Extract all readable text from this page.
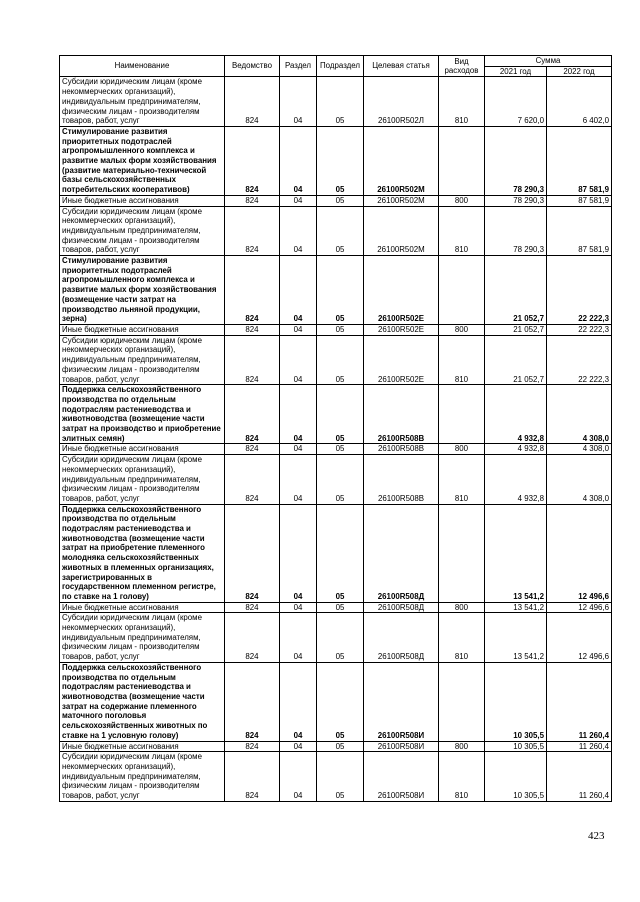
Наименование	Ведомство	Раздел	Подраздел	Целевая статья	Вид расходов	Сумма	
						2021 год	2022 год
Субсидии юридическим лицам (кроме некоммерческих организаций), индивидуальным предпринимателям, физическим лицам - производителям товаров, работ, услуг	824	04	05	26100R502Л	810	7 620,0	6 402,0
Стимулирование развития приоритетных подотраслей агропромышленного комплекса и развитие малых форм хозяйствования (развитие материально-технической базы сельскохозяйственных потребительских кооперативов)	824	04	05	26100R502М		78 290,3	87 581,9
Иные бюджетные ассигнования	824	04	05	26100R502М	800	78 290,3	87 581,9
Субсидии юридическим лицам (кроме некоммерческих организаций), индивидуальным предпринимателям, физическим лицам - производителям товаров, работ, услуг	824	04	05	26100R502М	810	78 290,3	87 581,9
Стимулирование развития приоритетных подотраслей агропромышленного комплекса и развитие малых форм хозяйствования (возмещение части затрат на производство льняной продукции, зерна)	824	04	05	26100R502Е		21 052,7	22 222,3
Иные бюджетные ассигнования	824	04	05	26100R502Е	800	21 052,7	22 222,3
Субсидии юридическим лицам (кроме некоммерческих организаций), индивидуальным предпринимателям, физическим лицам - производителям товаров, работ, услуг	824	04	05	26100R502Е	810	21 052,7	22 222,3
Поддержка сельскохозяйственного производства по отдельным подотраслям растениеводства и животноводства (возмещение части затрат на производство и приобретение элитных семян)	824	04	05	26100R508В		4 932,8	4 308,0
Иные бюджетные ассигнования	824	04	05	26100R508В	800	4 932,8	4 308,0
Субсидии юридическим лицам (кроме некоммерческих организаций), индивидуальным предпринимателям, физическим лицам - производителям товаров, работ, услуг	824	04	05	26100R508В	810	4 932,8	4 308,0
Поддержка сельскохозяйственного производства по отдельным подотраслям растениеводства и животноводства (возмещение части затрат на приобретение племенного молодняка сельскохозяйственных животных в племенных организациях, зарегистрированных в государственном племенном регистре, по ставке на 1 голову)	824	04	05	26100R508Д		13 541,2	12 496,6
Иные бюджетные ассигнования	824	04	05	26100R508Д	800	13 541,2	12 496,6
Субсидии юридическим лицам (кроме некоммерческих организаций), индивидуальным предпринимателям, физическим лицам - производителям товаров, работ, услуг	824	04	05	26100R508Д	810	13 541,2	12 496,6
Поддержка сельскохозяйственного производства по отдельным подотраслям растениеводства и животноводства (возмещение части затрат на содержание племенного маточного поголовья сельскохозяйственных животных по ставке на 1 условную голову)	824	04	05	26100R508И		10 305,5	11 260,4
Иные бюджетные ассигнования	824	04	05	26100R508И	800	10 305,5	11 260,4
Субсидии юридическим лицам (кроме некоммерческих организаций), индивидуальным предпринимателям, физическим лицам - производителям товаров, работ, услуг	824	04	05	26100R508И	810	10 305,5	11 260,4
423
